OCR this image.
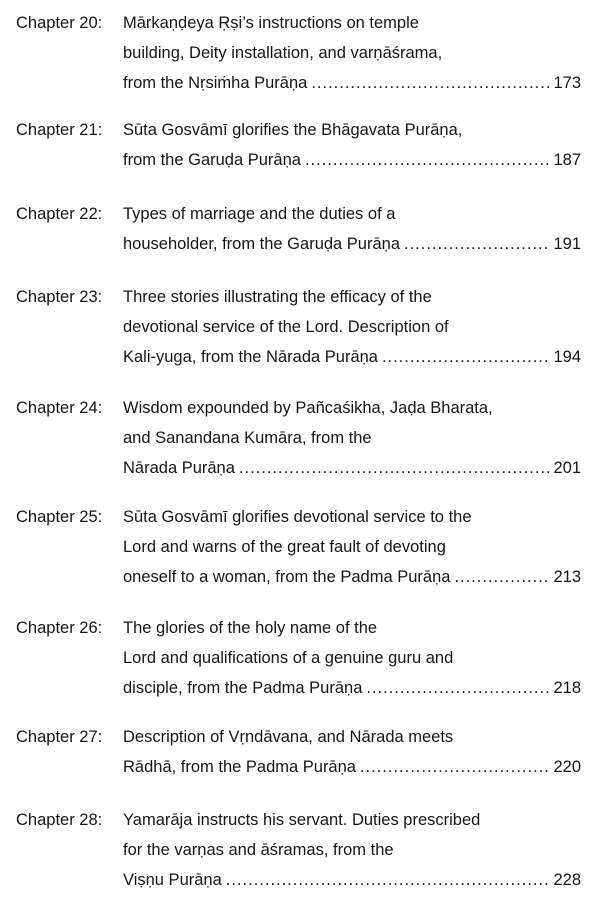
Chapter 20: Mārkaṇḍeya Ṛṣi’s instructions on temple
building, Deity installation, and varṇāśrama,
from the Nṛsiṁha Purāṇa .....	173
Chapter 21: Sūta Gosvāmī glorifies the Bhāgavata Purāṇa,
from the Garuḍa Purāṇa .....	187
Chapter 22: Types of marriage and the duties of a
householder, from the Garuḍa Purāṇa .....	191
Chapter 23: Three stories illustrating the efficacy of the
devotional service of the Lord. Description of
Kali-yuga, from the Nārada Purāṇa .....	194
Chapter 24: Wisdom expounded by Pañcaśikha, Jaḍa Bharata,
and Sanandana Kumāra, from the
Nārada Purāṇa .....	201
Chapter 25: Sūta Gosvāmī glorifies devotional service to the
Lord and warns of the great fault of devoting
oneself to a woman, from the Padma Purāṇa .....	213
Chapter 26: The glories of the holy name of the
Lord and qualifications of a genuine guru and
disciple, from the Padma Purāṇa .....	218
Chapter 27: Description of Vṛndāvana, and Nārada meets
Rādhā, from the Padma Purāṇa .....	220
Chapter 28: Yamarāja instructs his servant. Duties prescribed
for the varṇas and āśramas, from the
Viṣṇu Purāṇa .....	228
